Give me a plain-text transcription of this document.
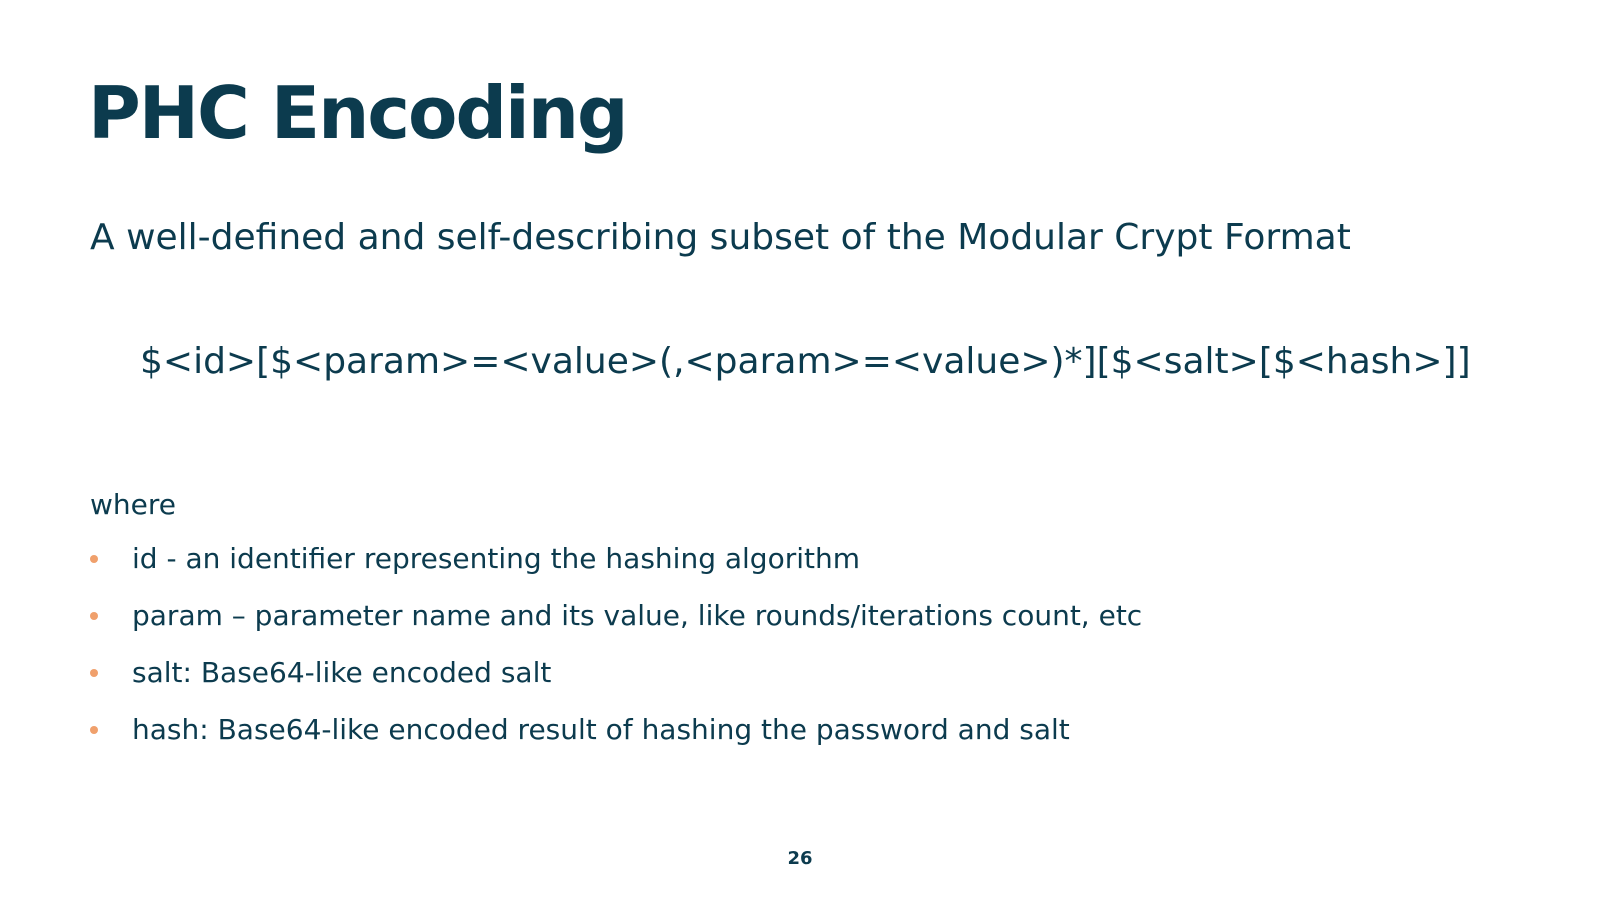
PHC Encoding

A well-defined and self-describing subset of the Modular Crypt Format

$<id>[$<param>=<value>(,<param>=<value>)*][$<salt>[$<hash>]]

where

id - an identifier representing the hashing algorithm
param – parameter name and its value, like rounds/iterations count, etc
salt: Base64-like encoded salt
hash: Base64-like encoded result of hashing the password and salt
26
